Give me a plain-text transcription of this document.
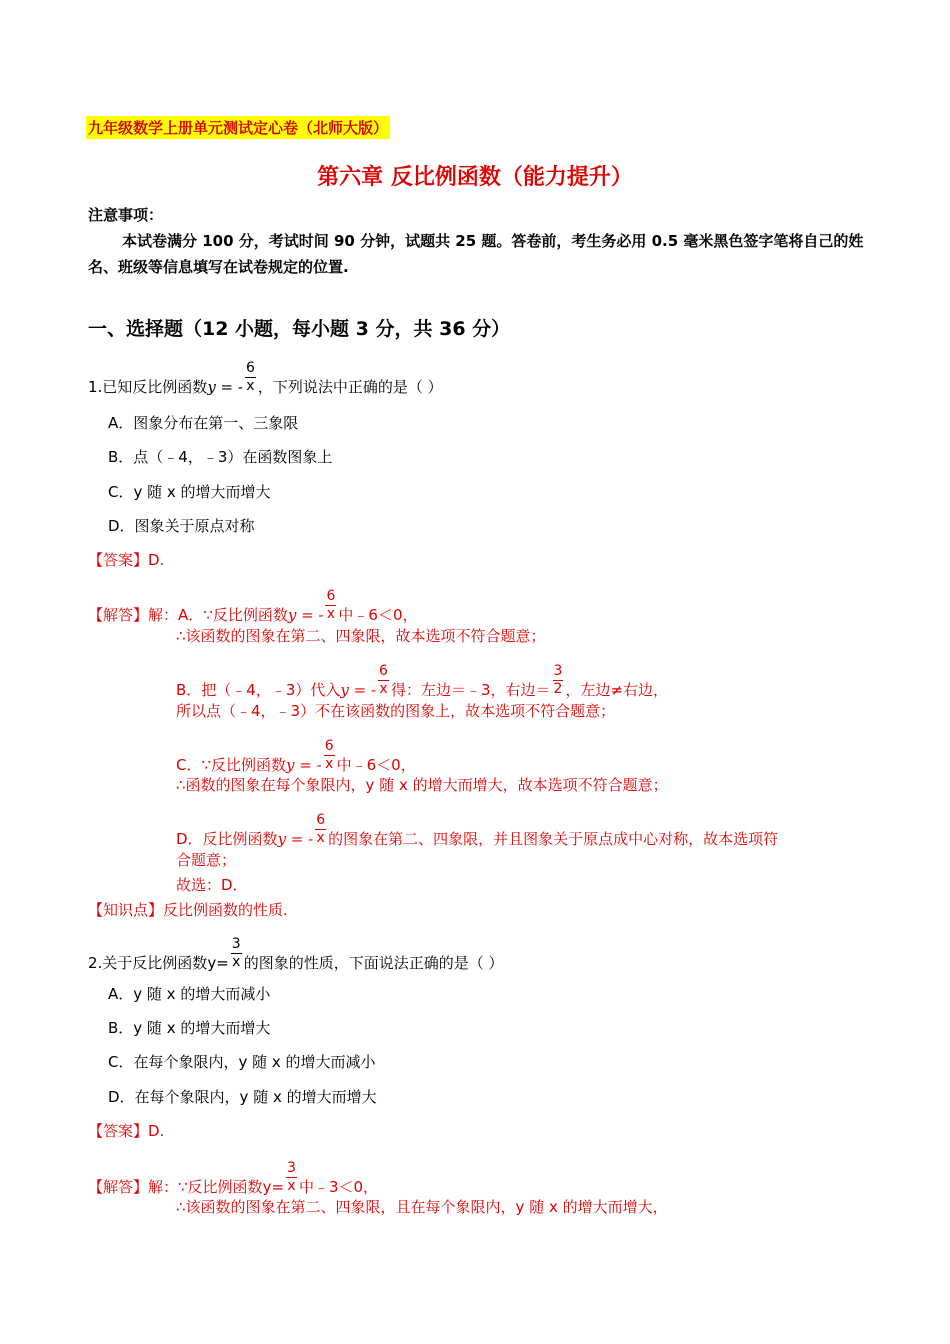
九年级数学上册单元测试定心卷（北师大版）
第六章 反比例函数（能力提升）
注意事项：
本试卷满分 100 分，考试时间 90 分钟，试题共 25 题。答卷前，考生务必用 0.5 毫米黑色签字笔将自己的姓名、班级等信息填写在试卷规定的位置.
一、选择题（12 小题，每小题 3 分，共 36 分）
1.已知反比例函数y = - $\frac{6}{x}$ ，下列说法中正确的是（ ）
A．图象分布在第一、三象限
B．点（﹣4，﹣3）在函数图象上
C．y 随 x 的增大而增大
D．图象关于原点对称
【答案】D.
【解答】解：A．∵反比例函数y = - $\frac{6}{x}$ 中﹣6＜0，
∴该函数的图象在第二、四象限，故本选项不符合题意；
B．把（﹣4，﹣3）代入y = - $\frac{6}{x}$ 得：左边＝﹣3，右边＝ $\frac{3}{2}$ ，左边≠右边，
所以点（﹣4，﹣3）不在该函数的图象上，故本选项不符合题意；
C．∵反比例函数y = - $\frac{6}{x}$ 中﹣6＜0，
∴函数的图象在每个象限内，y 随 x 的增大而增大，故本选项不符合题意；
D．反比例函数y = - $\frac{6}{x}$ 的图象在第二、四象限，并且图象关于原点成中心对称，故本选项符
合题意；
故选：D．
【知识点】反比例函数的性质.
2.关于反比例函数$y= \frac{3}{x}$ 的图象的性质，下面说法正确的是（ ）
A．y 随 x 的增大而减小
B．y 随 x 的增大而增大
C．在每个象限内，y 随 x 的增大而减小
D．在每个象限内，y 随 x 的增大而增大
【答案】D.
【解答】解：∵反比例函数$y= \frac{3}{x}$ 中﹣3＜0，
∴该函数的图象在第二、四象限，且在每个象限内，y 随 x 的增大而增大，
